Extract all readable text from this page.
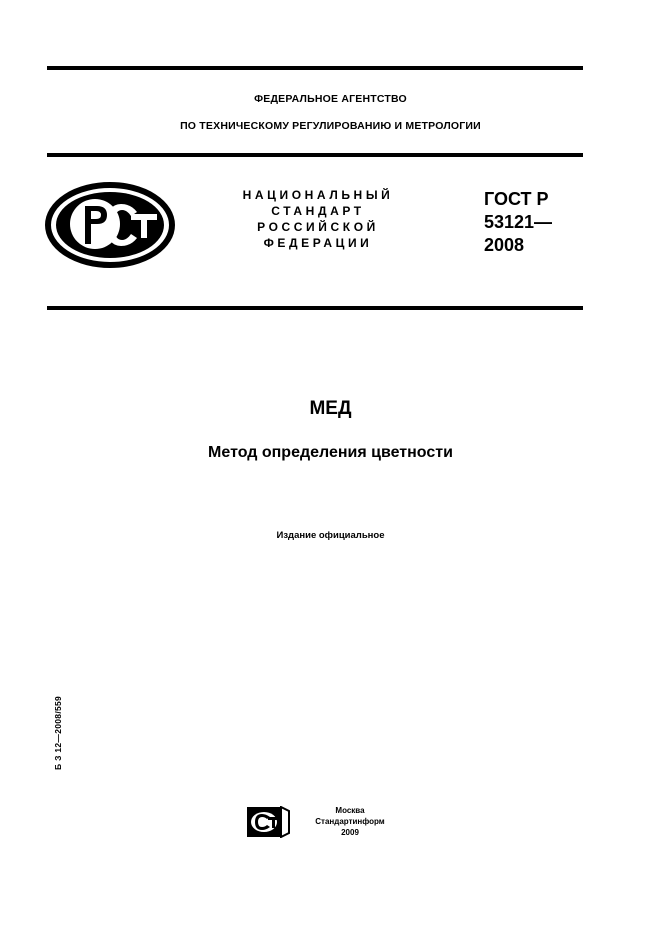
ФЕДЕРАЛЬНОЕ АГЕНТСТВО
ПО ТЕХНИЧЕСКОМУ РЕГУЛИРОВАНИЮ И МЕТРОЛОГИИ
НАЦИОНАЛЬНЫЙ
СТАНДАРТ
РОССИЙСКОЙ
ФЕДЕРАЦИИ
ГОСТ Р
53121—
2008
МЕД
Метод определения цветности
Издание официальное
Б З 12—2008/559
Москва
Стандартинформ
2009
